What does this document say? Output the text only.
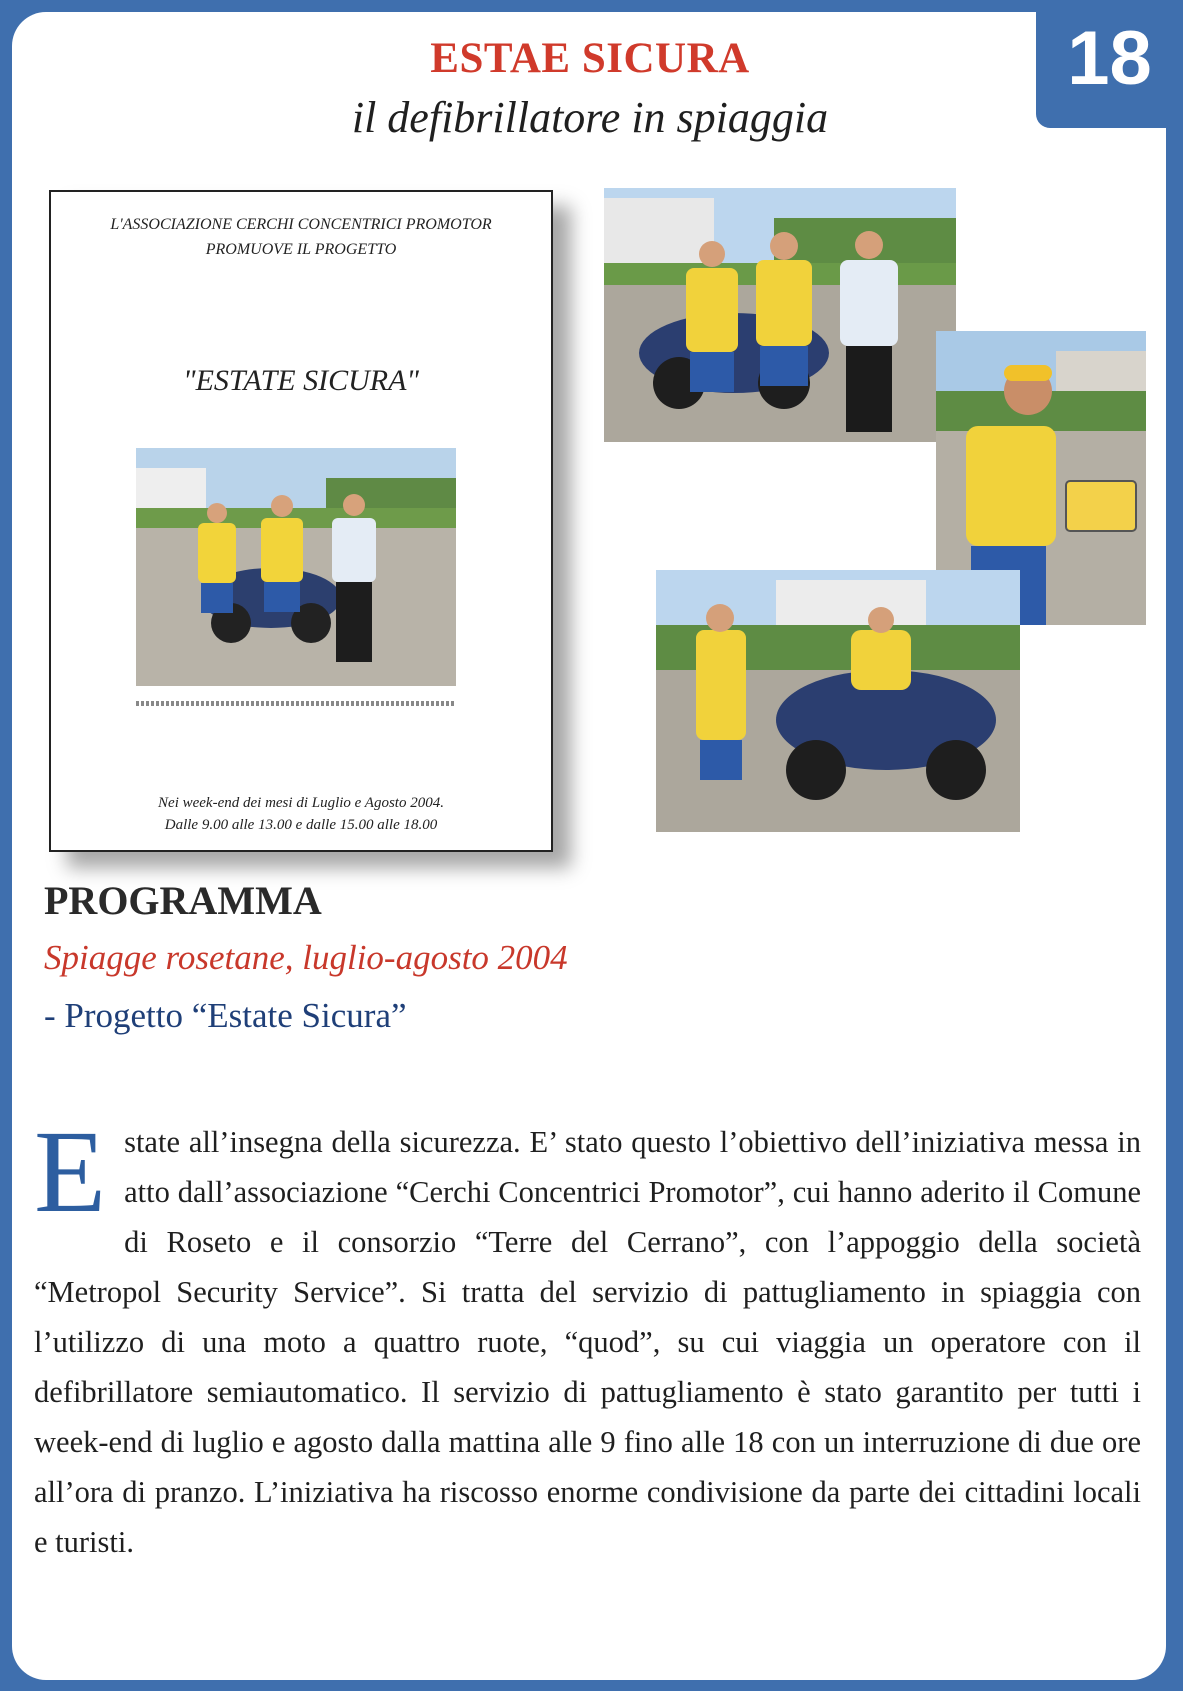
18
ESTAE SICURA
il defibrillatore in spiaggia
L'ASSOCIAZIONE CERCHI CONCENTRICI PROMOTOR
PROMUOVE IL PROGETTO
"ESTATE SICURA"
Nei week-end dei mesi di Luglio e Agosto 2004.
Dalle 9.00 alle 13.00 e dalle 15.00 alle 18.00
PROGRAMMA
Spiagge rosetane, luglio-agosto 2004
- Progetto “Estate Sicura”
Estate all’insegna della sicurezza. E’ stato questo l’obiettivo dell’iniziativa messa in atto dall’associazione “Cerchi Concentrici Promotor”, cui hanno aderito il Comune di Roseto e il consorzio “Terre del Cerrano”, con l’appoggio della società “Metropol Security Service”. Si tratta del servizio di pattugliamento in spiaggia con l’utilizzo di una moto a quattro ruote, “quod”, su cui viaggia un operatore con il defibrillatore semiautomatico. Il servizio di pattugliamento è stato garantito per tutti i week-end di luglio e agosto dalla mattina alle 9 fino alle 18 con un interruzione di due ore all’ora di pranzo. L’iniziativa ha riscosso enorme condivisione da parte dei cittadini locali e turisti.
